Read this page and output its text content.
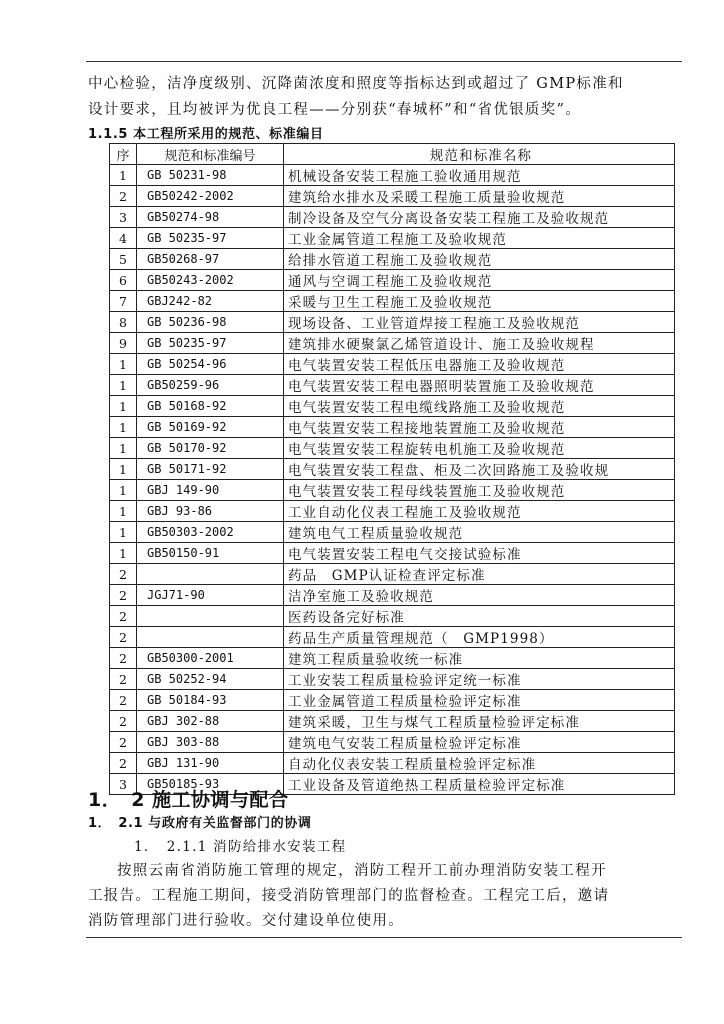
中心检验，洁净度级别、沉降菌浓度和照度等指标达到或超过了 GMP标准和
设计要求，且均被评为优良工程——分别获“春城杯”和“省优银质奖”。
1.1.5 本工程所采用的规范、标准编目
序	规范和标准编号	规范和标准名称
1	GB 50231-98	机械设备安装工程施工验收通用规范
2	GB50242-2002	建筑给水排水及采暖工程施工质量验收规范
3	GB50274-98	制冷设备及空气分离设备安装工程施工及验收规范
4	GB 50235-97	工业金属管道工程施工及验收规范
5	GB50268-97	给排水管道工程施工及验收规范
6	GB50243-2002	通风与空调工程施工及验收规范
7	GBJ242-82	采暖与卫生工程施工及验收规范
8	GB 50236-98	现场设备、工业管道焊接工程施工及验收规范
9	GB 50235-97	建筑排水硬聚氯乙烯管道设计、施工及验收规程
1	GB 50254-96	电气装置安装工程低压电器施工及验收规范
1	GB50259-96	电气装置安装工程电器照明装置施工及验收规范
1	GB 50168-92	电气装置安装工程电缆线路施工及验收规范
1	GB 50169-92	电气装置安装工程接地装置施工及验收规范
1	GB 50170-92	电气装置安装工程旋转电机施工及验收规范
1	GB 50171-92	电气装置安装工程盘、柜及二次回路施工及验收规
1	GBJ 149-90	电气装置安装工程母线装置施工及验收规范
1	GBJ 93-86	工业自动化仪表工程施工及验收规范
1	GB50303-2002	建筑电气工程质量验收规范
1	GB50150-91	电气装置安装工程电气交接试验标准
2		药品　GMP认证检查评定标准
2	JGJ71-90	洁净室施工及验收规范
2		医药设备完好标准
2		药品生产质量管理规范（　GMP1998）
2	GB50300-2001	建筑工程质量验收统一标准
2	GB 50252-94	工业安装工程质量检验评定统一标准
2	GB 50184-93	工业金属管道工程质量检验评定标准
2	GBJ 302-88	建筑采暖，卫生与煤气工程质量检验评定标准
2	GBJ 303-88	建筑电气安装工程质量检验评定标准
2	GBJ 131-90	自动化仪表安装工程质量检验评定标准
3	GB50185-93	工业设备及管道绝热工程质量检验评定标准
1．　2 施工协调与配合
1．　2.1 与政府有关监督部门的协调
1．　2.1.1 消防给排水安装工程
按照云南省消防施工管理的规定，消防工程开工前办理消防安装工程开
工报告。工程施工期间，接受消防管理部门的监督检查。工程完工后，邀请
消防管理部门进行验收。交付建设单位使用。
